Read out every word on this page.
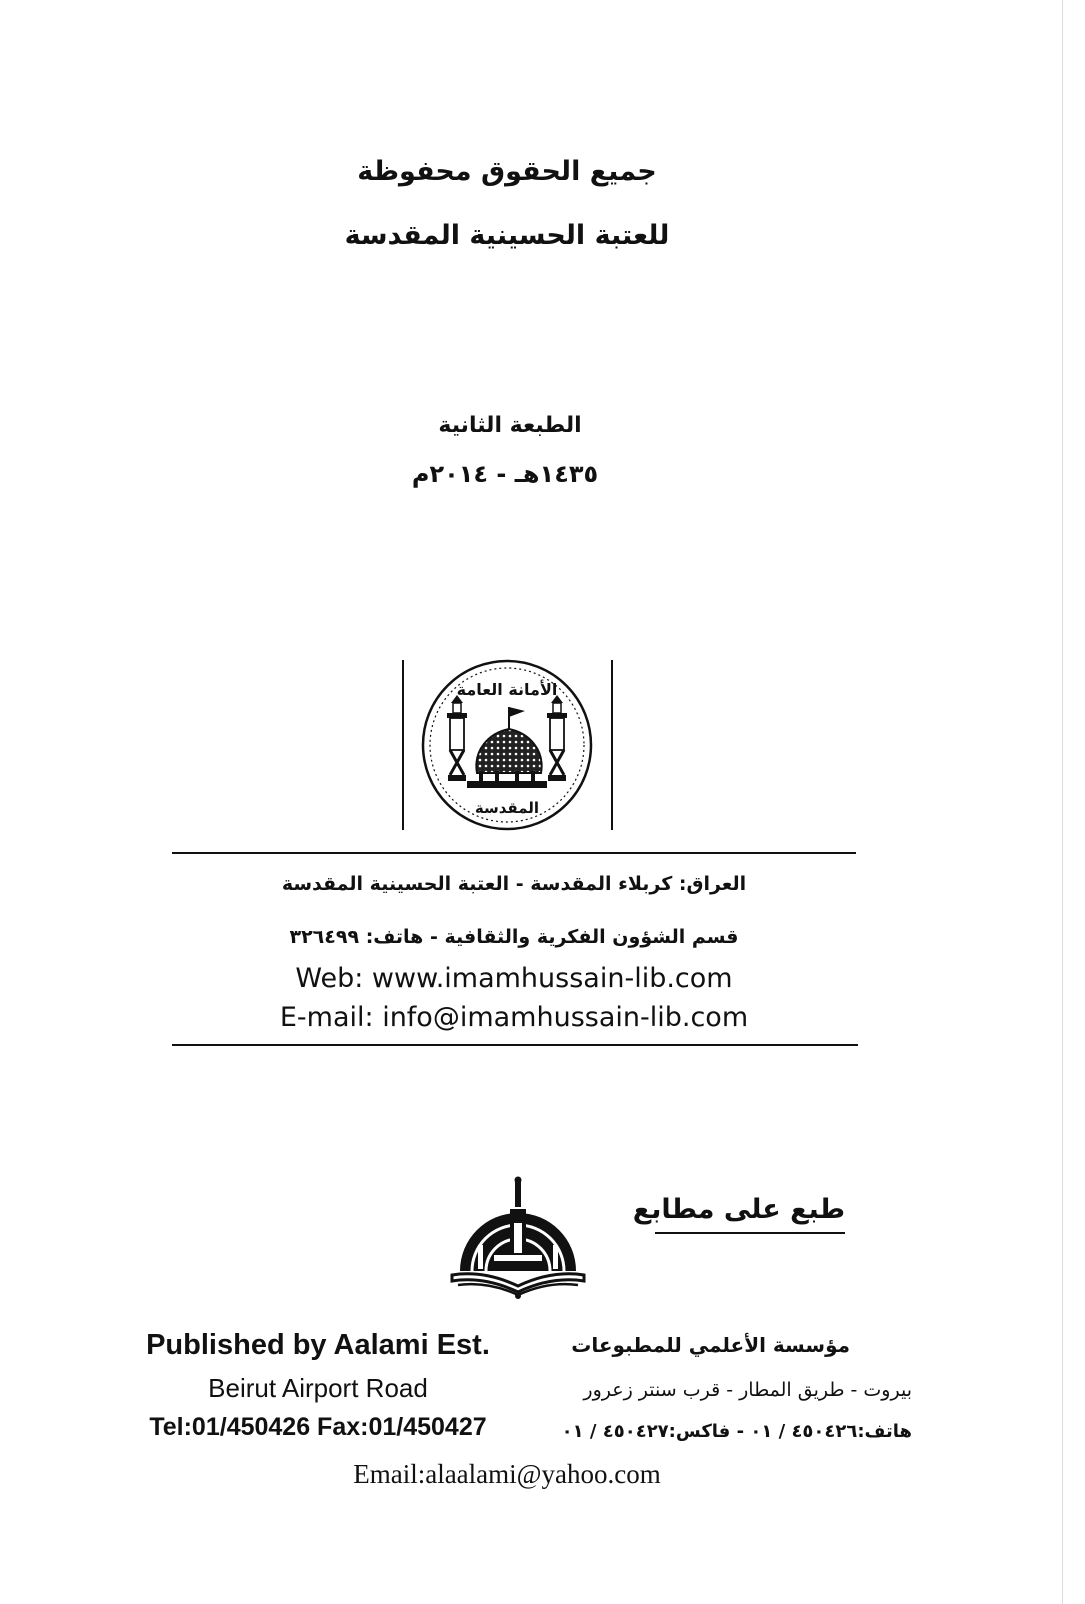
جميع الحقوق محفوظة
للعتبة الحسينية المقدسة
الطبعة الثانية
١٤٣٥هـ - ٢٠١٤م
الأمانة العامة
المقدسة
العراق: كربلاء المقدسة - العتبة الحسينية المقدسة
قسم الشؤون الفكرية والثقافية - هاتف: ٣٢٦٤٩٩
Web: www.imamhussain-lib.com
E-mail: info@imamhussain-lib.com
طبع على مطابع
Published by Aalami Est.
Beirut Airport Road
Tel:01/450426 Fax:01/450427
مؤسسة الأعلمي للمطبوعات
بيروت - طريق المطار - قرب سنتر زعرور
هاتف:٤٥٠٤٢٦ / ٠١ - فاكس:٤٥٠٤٢٧ / ٠١
Email:alaalami@yahoo.com
